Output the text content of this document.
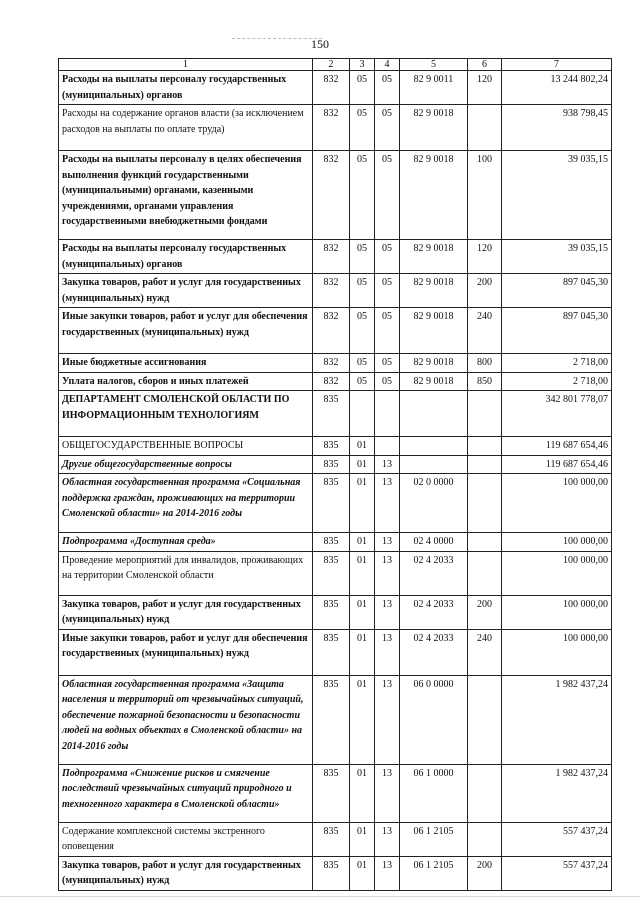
150
1	2	3	4	5	6	7
Расходы на выплаты персоналу государственных (муниципальных) органов	832	05	05	82 9 0011	120	13 244 802,24
Расходы на содержание органов власти (за исключением расходов на выплаты по оплате труда)	832	05	05	82 9 0018		938 798,45
Расходы на выплаты персоналу в целях обеспечения выполнения функций государственными (муниципальными) органами, казенными учреждениями, органами управления государственными внебюджетными фондами	832	05	05	82 9 0018	100	39 035,15
Расходы на выплаты персоналу государственных (муниципальных) органов	832	05	05	82 9 0018	120	39 035,15
Закупка товаров, работ и услуг для государственных (муниципальных) нужд	832	05	05	82 9 0018	200	897 045,30
Иные закупки товаров, работ и услуг для обеспечения государственных (муниципальных) нужд	832	05	05	82 9 0018	240	897 045,30
Иные бюджетные ассигнования	832	05	05	82 9 0018	800	2 718,00
Уплата налогов, сборов и иных платежей	832	05	05	82 9 0018	850	2 718,00
ДЕПАРТАМЕНТ СМОЛЕНСКОЙ ОБЛАСТИ ПО ИНФОРМАЦИОННЫМ ТЕХНОЛОГИЯМ	835					342 801 778,07
ОБЩЕГОСУДАРСТВЕННЫЕ ВОПРОСЫ	835	01				119 687 654,46
Другие общегосударственные вопросы	835	01	13			119 687 654,46
Областная государственная программа «Социальная поддержка граждан, проживающих на территории Смоленской области» на 2014-2016 годы	835	01	13	02 0 0000		100 000,00
Подпрограмма «Доступная среда»	835	01	13	02 4 0000		100 000,00
Проведение мероприятий для инвалидов, проживающих на территории Смоленской области	835	01	13	02 4 2033		100 000,00
Закупка товаров, работ и услуг для государственных (муниципальных) нужд	835	01	13	02 4 2033	200	100 000,00
Иные закупки товаров, работ и услуг для обеспечения государственных (муниципальных) нужд	835	01	13	02 4 2033	240	100 000,00
Областная государственная программа «Защита населения и территорий от чрезвычайных ситуаций, обеспечение пожарной безопасности и безопасности людей на водных объектах в Смоленской области» на 2014-2016 годы	835	01	13	06 0 0000		1 982 437,24
Подпрограмма «Снижение рисков и смягчение последствий чрезвычайных ситуаций природного и техногенного характера в Смоленской области»	835	01	13	06 1 0000		1 982 437,24
Содержание комплексной системы экстренного оповещения	835	01	13	06 1 2105		557 437,24
Закупка товаров, работ и услуг для государственных (муниципальных) нужд	835	01	13	06 1 2105	200	557 437,24
